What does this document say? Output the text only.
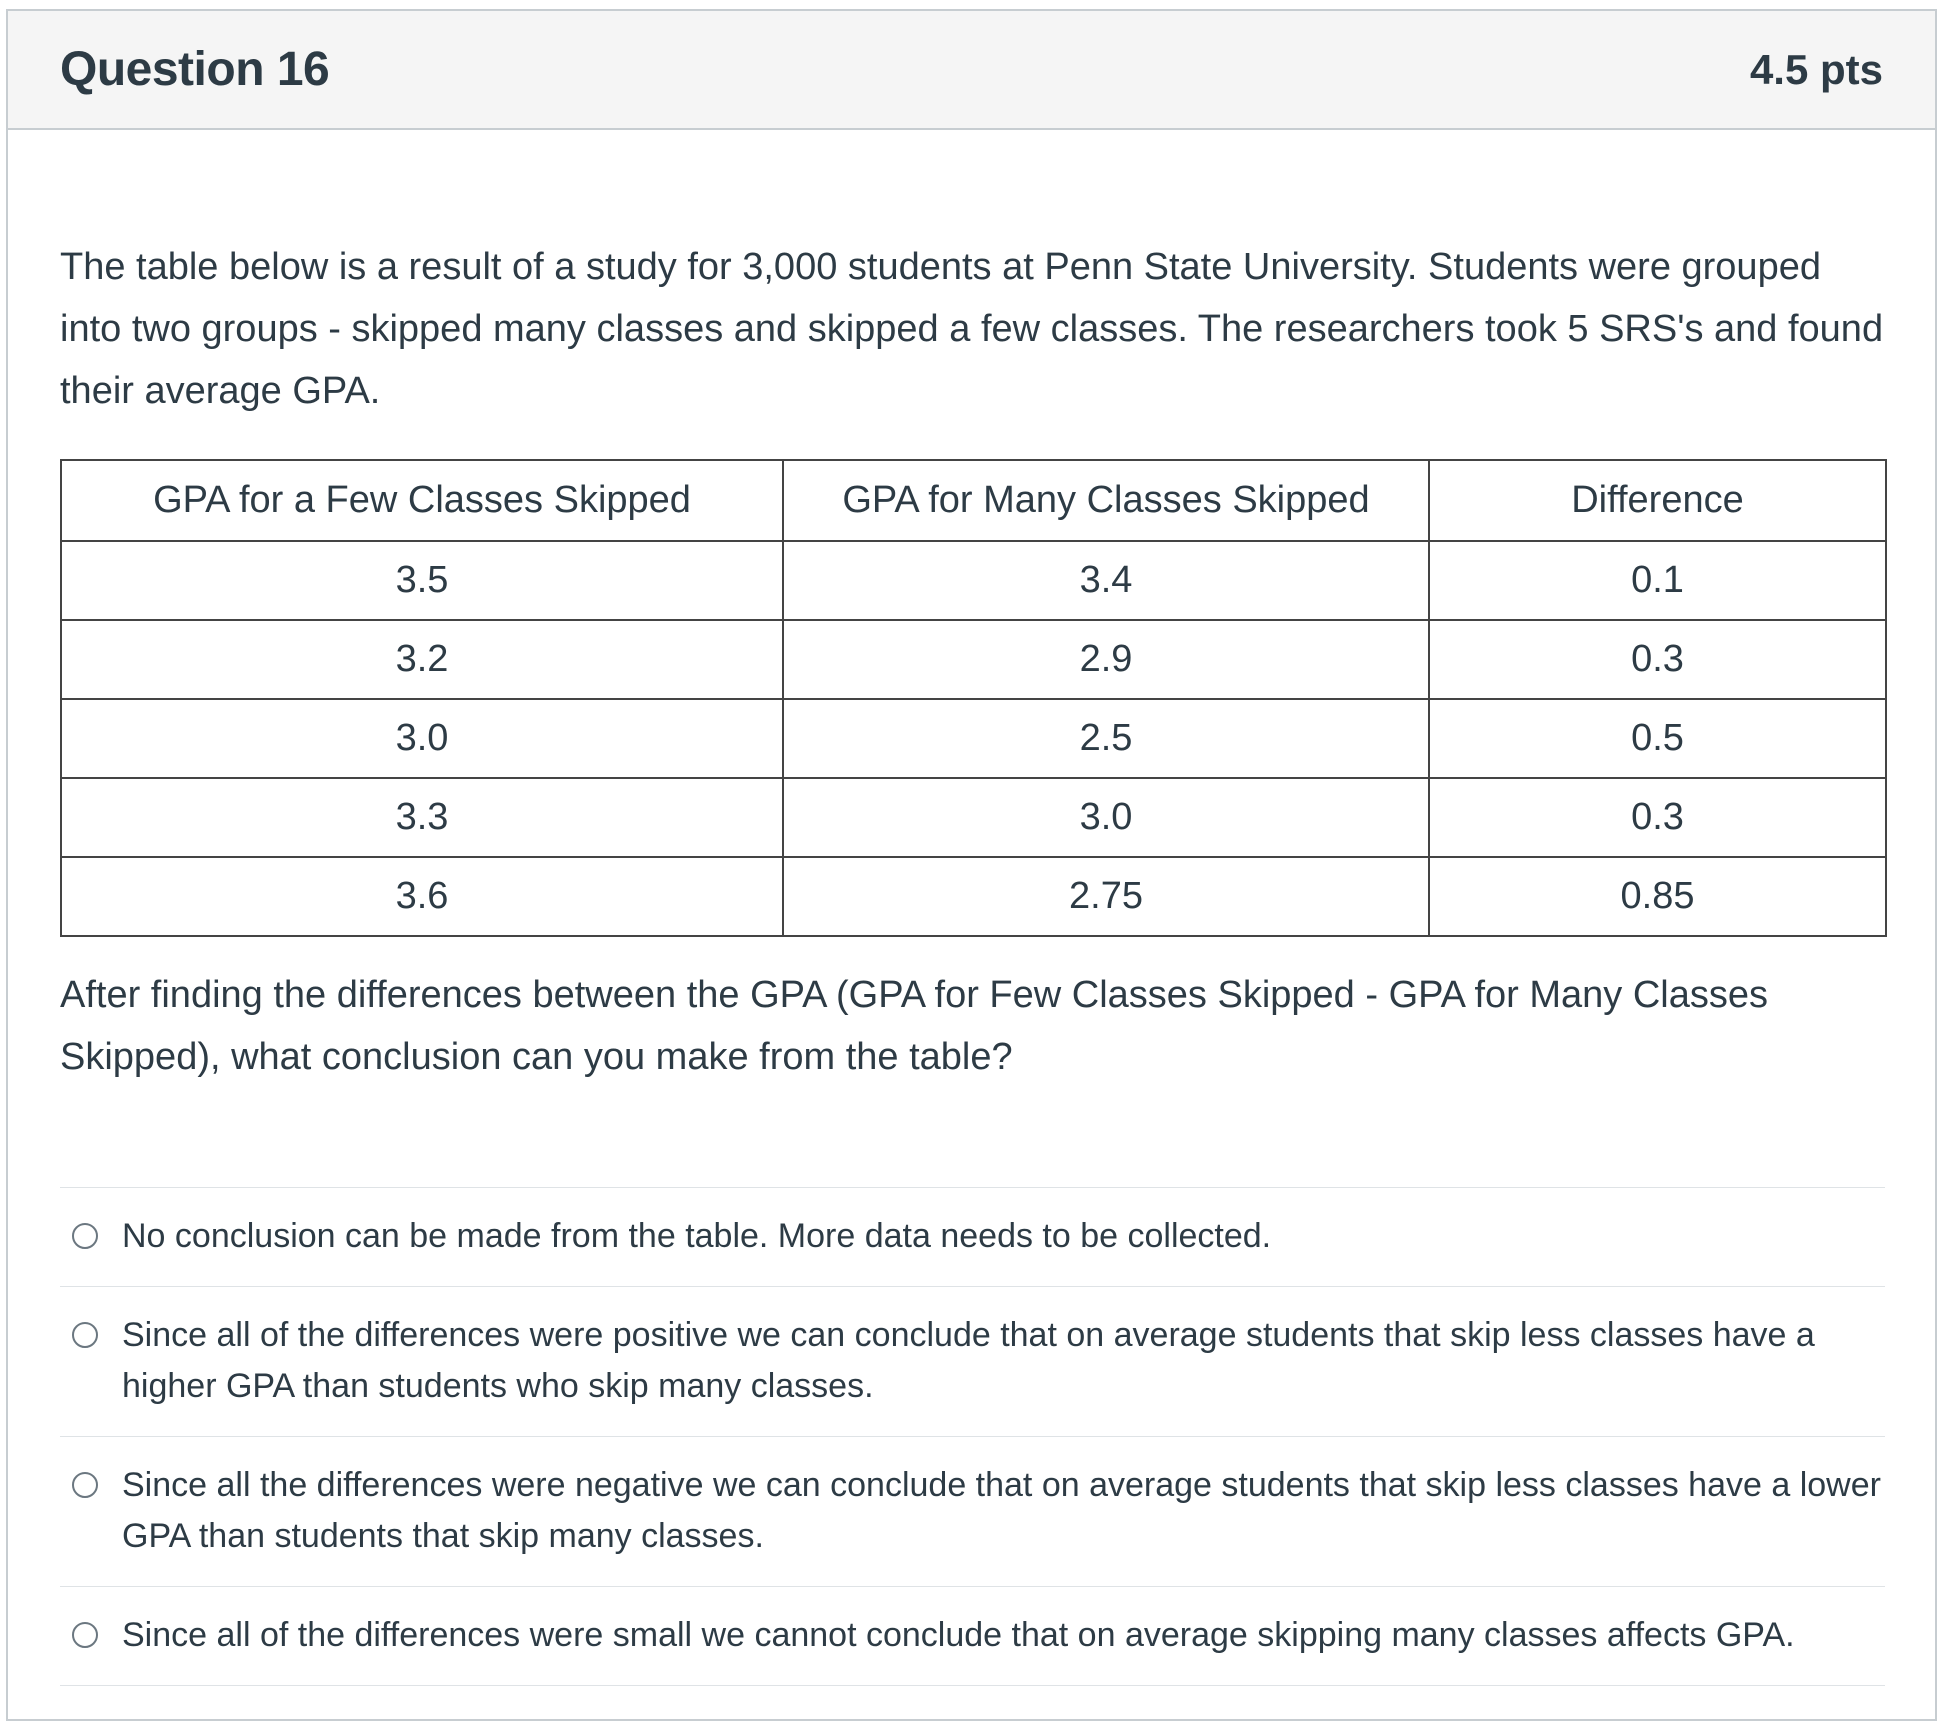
Question 16	4.5 pts

The table below is a result of a study for 3,000 students at Penn State University. Students were grouped into two groups - skipped many classes and skipped a few classes. The researchers took 5 SRS's and found their average GPA.

GPA for a Few Classes Skipped	GPA for Many Classes Skipped	Difference
3.5	3.4	0.1
3.2	2.9	0.3
3.0	2.5	0.5
3.3	3.0	0.3
3.6	2.75	0.85

After finding the differences between the GPA (GPA for Few Classes Skipped - GPA for Many Classes Skipped), what conclusion can you make from the table?

No conclusion can be made from the table. More data needs to be collected.
Since all of the differences were positive we can conclude that on average students that skip less classes have a higher GPA than students who skip many classes.
Since all the differences were negative we can conclude that on average students that skip less classes have a lower GPA than students that skip many classes.
Since all of the differences were small we cannot conclude that on average skipping many classes affects GPA.
